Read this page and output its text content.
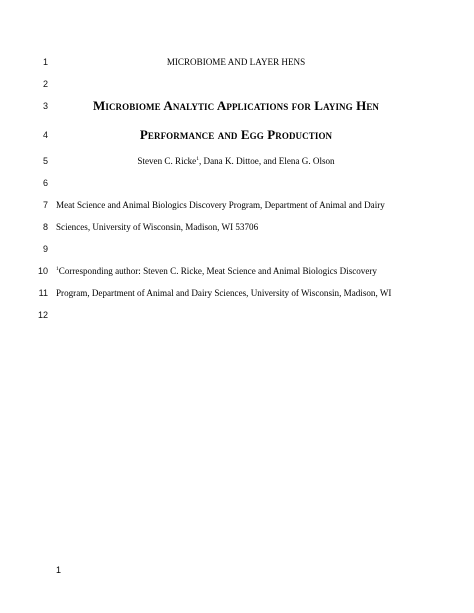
1	MICROBIOME AND LAYER HENS
2
3	Microbiome Analytic Applications for Laying Hen
4	Performance and Egg Production
5	Steven C. Ricke$^1$, Dana K. Dittoe, and Elena G. Olson
6
7 Meat Science and Animal Biologics Discovery Program, Department of Animal and Dairy
8 Sciences, University of Wisconsin, Madison, WI 53706
9
10 $^1$Corresponding author: Steven C. Ricke, Meat Science and Animal Biologics Discovery
11 Program, Department of Animal and Dairy Sciences, University of Wisconsin, Madison, WI
12
1
